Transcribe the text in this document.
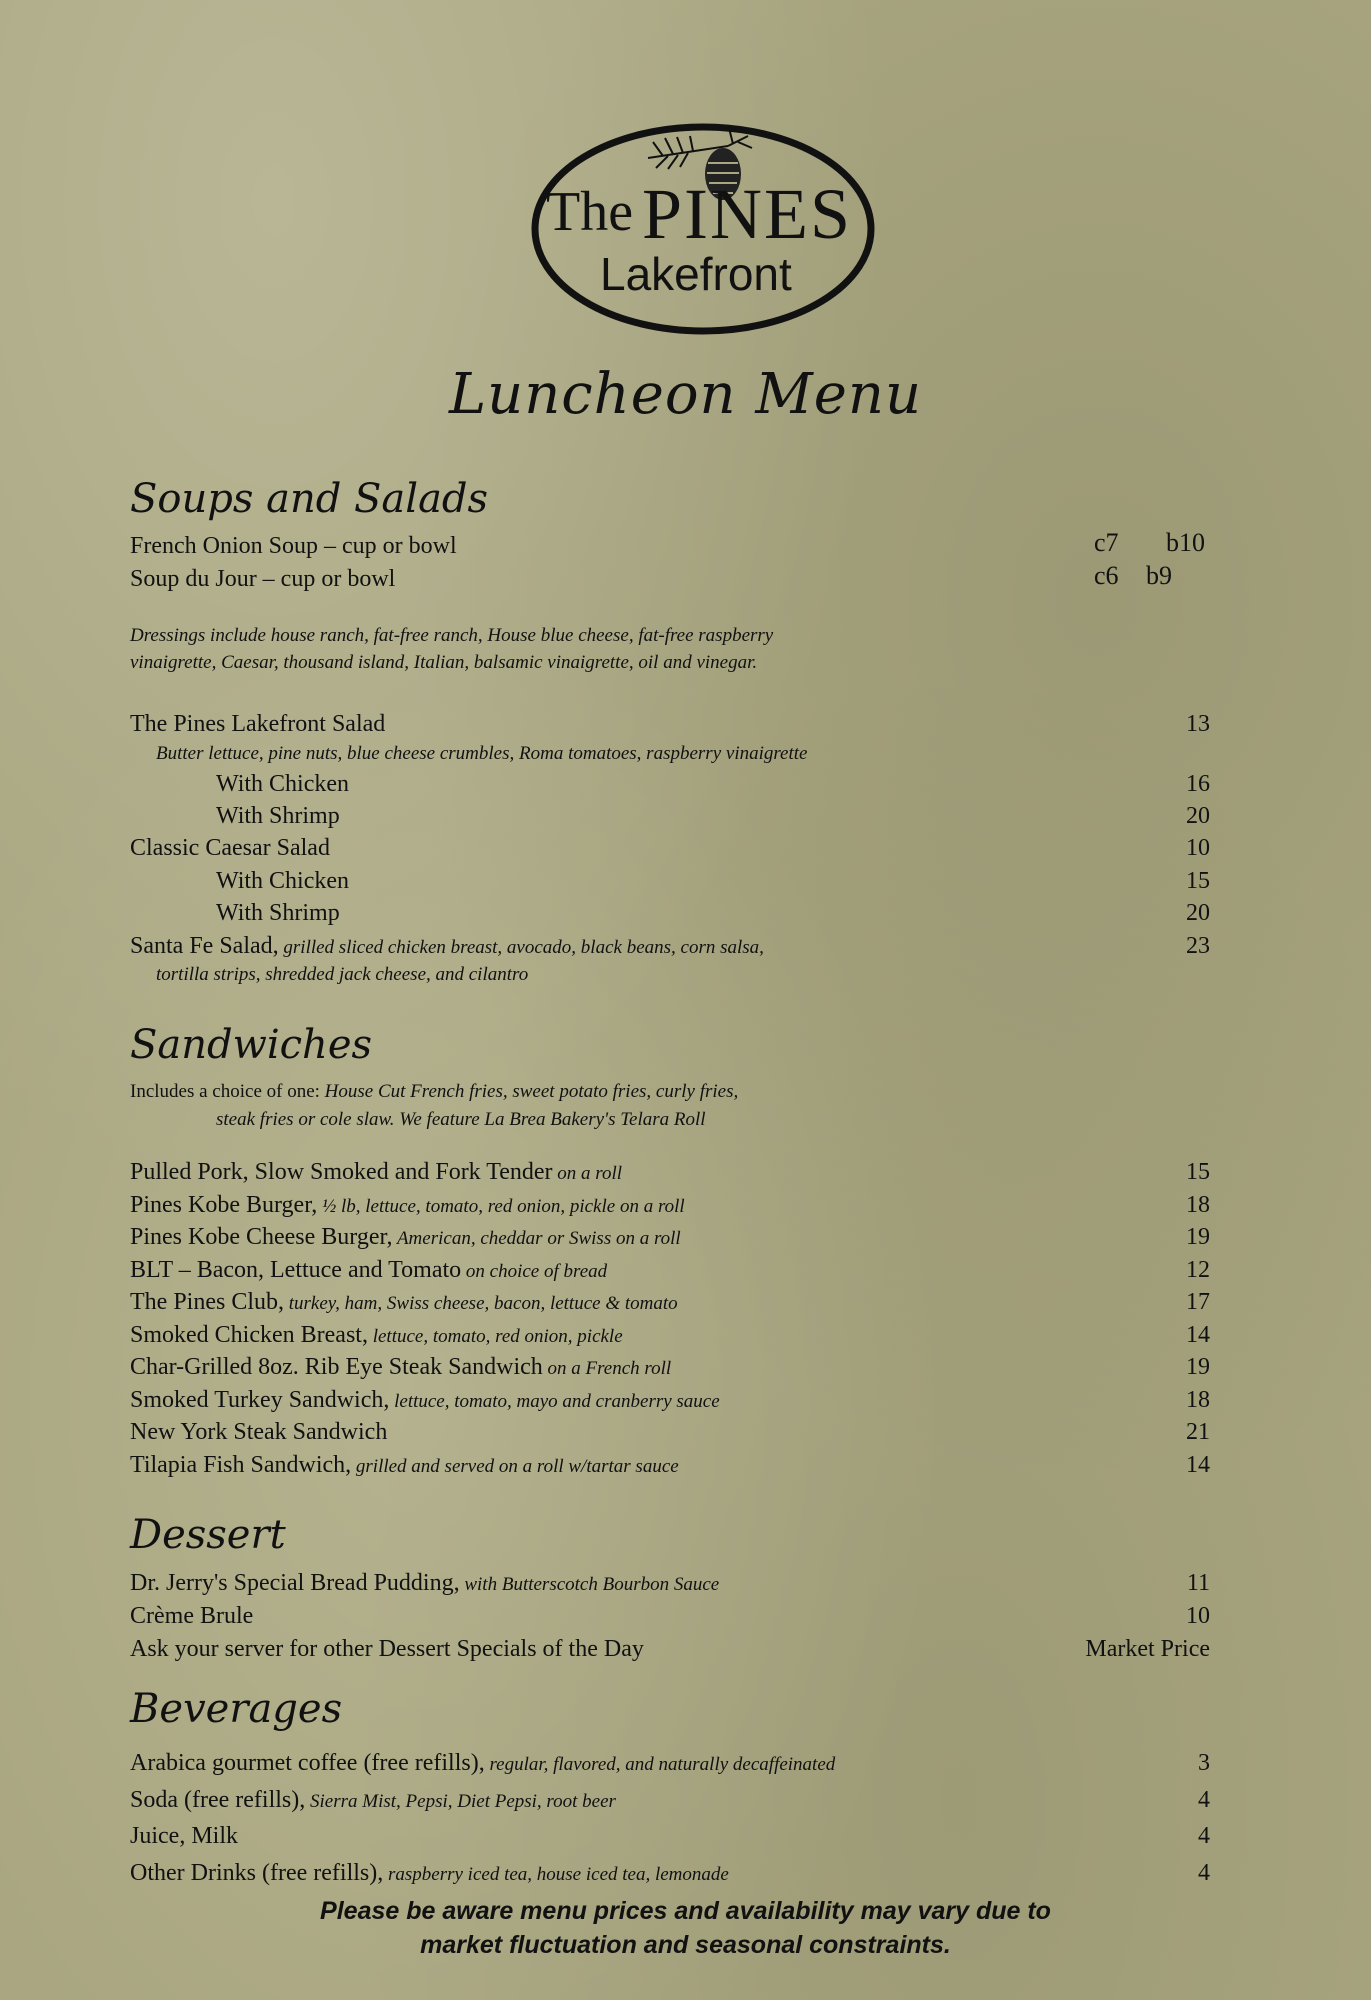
The PINES
Lakefront
Luncheon Menu
Soups and Salads
French Onion Soup – cup or bowl	c7 b10
Soup du Jour – cup or bowl	c6 b9
Dressings include house ranch, fat-free ranch, House blue cheese, fat-free raspberry
vinaigrette, Caesar, thousand island, Italian, balsamic vinaigrette, oil and vinegar.
The Pines Lakefront Salad	13
Butter lettuce, pine nuts, blue cheese crumbles, Roma tomatoes, raspberry vinaigrette
With Chicken	16
With Shrimp	20
Classic Caesar Salad	10
With Chicken	15
With Shrimp	20
Santa Fe Salad, grilled sliced chicken breast, avocado, black beans, corn salsa,	23
tortilla strips, shredded jack cheese, and cilantro
Sandwiches
Includes a choice of one: House Cut French fries, sweet potato fries, curly fries,
steak fries or cole slaw. We feature La Brea Bakery's Telara Roll
Pulled Pork, Slow Smoked and Fork Tender on a roll	15
Pines Kobe Burger, ½ lb, lettuce, tomato, red onion, pickle on a roll	18
Pines Kobe Cheese Burger, American, cheddar or Swiss on a roll	19
BLT – Bacon, Lettuce and Tomato on choice of bread	12
The Pines Club, turkey, ham, Swiss cheese, bacon, lettuce & tomato	17
Smoked Chicken Breast, lettuce, tomato, red onion, pickle	14
Char-Grilled 8oz. Rib Eye Steak Sandwich on a French roll	19
Smoked Turkey Sandwich, lettuce, tomato, mayo and cranberry sauce	18
New York Steak Sandwich	21
Tilapia Fish Sandwich, grilled and served on a roll w/tartar sauce	14
Dessert
Dr. Jerry's Special Bread Pudding, with Butterscotch Bourbon Sauce	11
Crème Brule	10
Ask your server for other Dessert Specials of the Day	Market Price
Beverages
Arabica gourmet coffee (free refills), regular, flavored, and naturally decaffeinated	3
Soda (free refills), Sierra Mist, Pepsi, Diet Pepsi, root beer	4
Juice, Milk	4
Other Drinks (free refills), raspberry iced tea, house iced tea, lemonade	4
Please be aware menu prices and availability may vary due to
market fluctuation and seasonal constraints.
